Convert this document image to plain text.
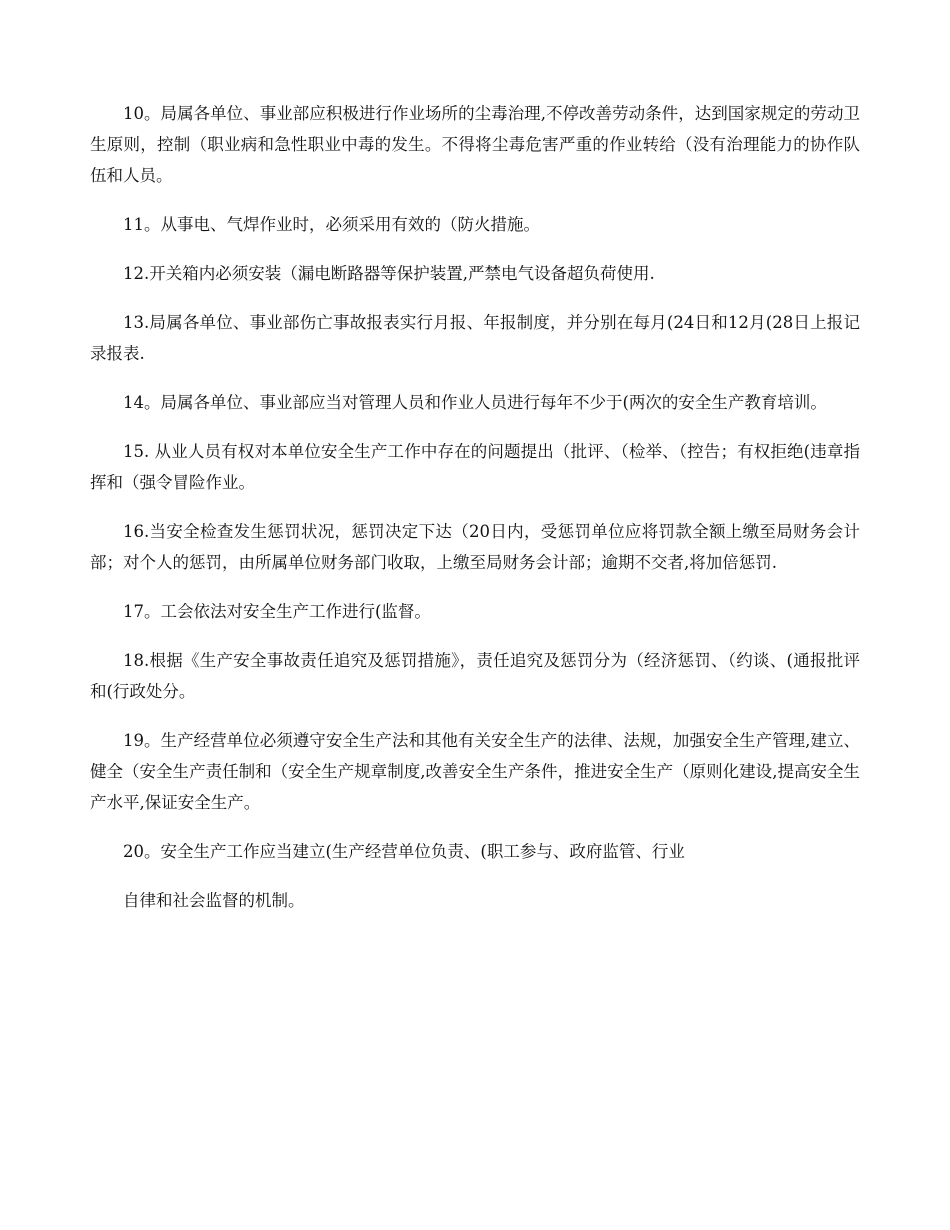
10。局属各单位、事业部应积极进行作业场所的尘毒治理,不停改善劳动条件，达到国家规定的劳动卫生原则，控制（职业病和急性职业中毒的发生。不得将尘毒危害严重的作业转给（没有治理能力的协作队伍和人员。

11。从事电、气焊作业时，必须采用有效的（防火措施。

12.开关箱内必须安装（漏电断路器等保护装置,严禁电气设备超负荷使用.

13.局属各单位、事业部伤亡事故报表实行月报、年报制度，并分别在每月(24日和12月(28日上报记录报表.

14。局属各单位、事业部应当对管理人员和作业人员进行每年不少于(两次的安全生产教育培训。

15. 从业人员有权对本单位安全生产工作中存在的问题提出（批评、（检举、（控告；有权拒绝(违章指挥和（强令冒险作业。

16.当安全检查发生惩罚状况，惩罚决定下达（20日内，受惩罚单位应将罚款全额上缴至局财务会计部；对个人的惩罚，由所属单位财务部门收取，上缴至局财务会计部；逾期不交者,将加倍惩罚.

17。工会依法对安全生产工作进行(监督。

18.根据《生产安全事故责任追究及惩罚措施》，责任追究及惩罚分为（经济惩罚、（约谈、(通报批评和(行政处分。

19。生产经营单位必须遵守安全生产法和其他有关安全生产的法律、法规，加强安全生产管理,建立、健全（安全生产责任制和（安全生产规章制度,改善安全生产条件，推进安全生产（原则化建设,提高安全生产水平,保证安全生产。

20。安全生产工作应当建立(生产经营单位负责、(职工参与、政府监管、行业

自律和社会监督的机制。
